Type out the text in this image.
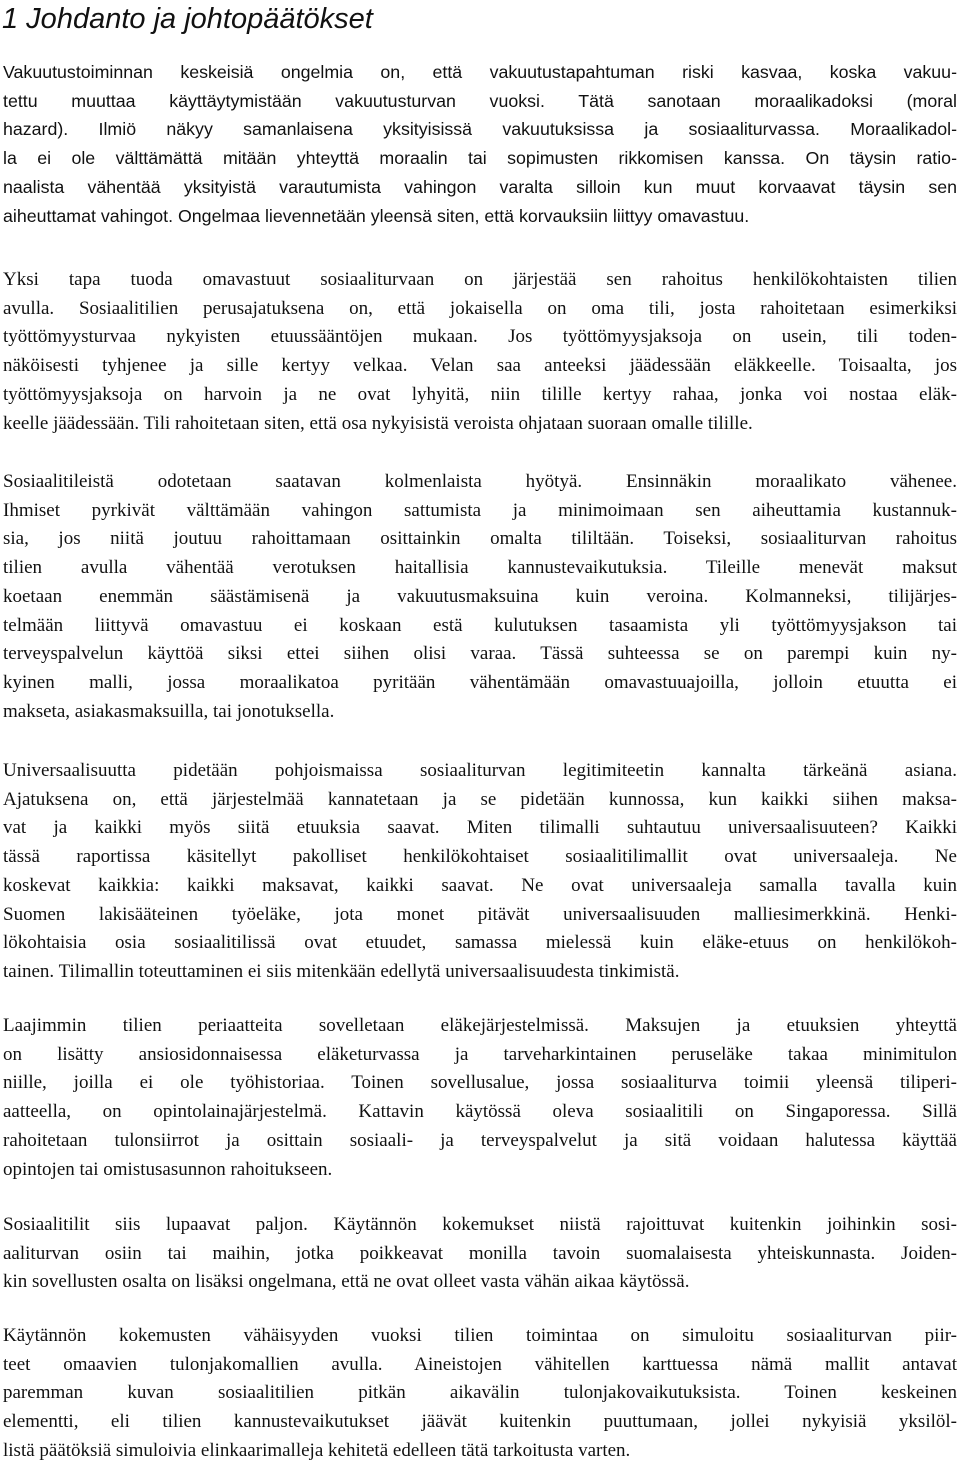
1 Johdanto ja johtopäätökset

Vakuutustoiminnan keskeisiä ongelmia on, että vakuutustapahtuman riski kasvaa, koska vakuu-
tettu muuttaa käyttäytymistään vakuutusturvan vuoksi. Tätä sanotaan moraalikadoksi (moral
hazard). Ilmiö näkyy samanlaisena yksityisissä vakuutuksissa ja sosiaaliturvassa. Moraalikadol-
la ei ole välttämättä mitään yhteyttä moraalin tai sopimusten rikkomisen kanssa. On täysin ratio-
naalista vähentää yksityistä varautumista vahingon varalta silloin kun muut korvaavat täysin sen
aiheuttamat vahingot. Ongelmaa lievennetään yleensä siten, että korvauksiin liittyy omavastuu.

Yksi tapa tuoda omavastuut sosiaaliturvaan on järjestää sen rahoitus henkilökohtaisten tilien
avulla. Sosiaalitilien perusajatuksena on, että jokaisella on oma tili, josta rahoitetaan esimerkiksi
työttömyysturvaa nykyisten etuussääntöjen mukaan. Jos työttömyysjaksoja on usein, tili toden-
näköisesti tyhjenee ja sille kertyy velkaa. Velan saa anteeksi jäädessään eläkkeelle. Toisaalta, jos
työttömyysjaksoja on harvoin ja ne ovat lyhyitä, niin tilille kertyy rahaa, jonka voi nostaa eläk-
keelle jäädessään. Tili rahoitetaan siten, että osa nykyisistä veroista ohjataan suoraan omalle tilille.

Sosiaalitileistä odotetaan saatavan kolmenlaista hyötyä. Ensinnäkin moraalikato vähenee.
Ihmiset pyrkivät välttämään vahingon sattumista ja minimoimaan sen aiheuttamia kustannuk-
sia, jos niitä joutuu rahoittamaan osittainkin omalta tililtään. Toiseksi, sosiaaliturvan rahoitus
tilien avulla vähentää verotuksen haitallisia kannustevaikutuksia. Tileille menevät maksut
koetaan enemmän säästämisenä ja vakuutusmaksuina kuin veroina. Kolmanneksi, tilijärjes-
telmään liittyvä omavastuu ei koskaan estä kulutuksen tasaamista yli työttömyysjakson tai
terveyspalvelun käyttöä siksi ettei siihen olisi varaa. Tässä suhteessa se on parempi kuin ny-
kyinen malli, jossa moraalikatoa pyritään vähentämään omavastuuajoilla, jolloin etuutta ei
makseta, asiakasmaksuilla, tai jonotuksella.

Universaalisuutta pidetään pohjoismaissa sosiaaliturvan legitimiteetin kannalta tärkeänä asiana.
Ajatuksena on, että järjestelmää kannatetaan ja se pidetään kunnossa, kun kaikki siihen maksa-
vat ja kaikki myös siitä etuuksia saavat. Miten tilimalli suhtautuu universaalisuuteen? Kaikki
tässä raportissa käsitellyt pakolliset henkilökohtaiset sosiaalitilimallit ovat universaaleja. Ne
koskevat kaikkia: kaikki maksavat, kaikki saavat. Ne ovat universaaleja samalla tavalla kuin
Suomen lakisääteinen työeläke, jota monet pitävät universaalisuuden malliesimerkkinä. Henki-
lökohtaisia osia sosiaalitilissä ovat etuudet, samassa mielessä kuin eläke-etuus on henkilökoh-
tainen. Tilimallin toteuttaminen ei siis mitenkään edellytä universaalisuudesta tinkimistä.

Laajimmin tilien periaatteita sovelletaan eläkejärjestelmissä. Maksujen ja etuuksien yhteyttä
on lisätty ansiosidonnaisessa eläketurvassa ja tarveharkintainen peruseläke takaa minimitulon
niille, joilla ei ole työhistoriaa. Toinen sovellusalue, jossa sosiaaliturva toimii yleensä tiliperi-
aatteella, on opintolainajärjestelmä. Kattavin käytössä oleva sosiaalitili on Singaporessa. Sillä
rahoitetaan tulonsiirrot ja osittain sosiaali- ja terveyspalvelut ja sitä voidaan halutessa käyttää
opintojen tai omistusasunnon rahoitukseen.

Sosiaalitilit siis lupaavat paljon. Käytännön kokemukset niistä rajoittuvat kuitenkin joihinkin sosi-
aaliturvan osiin tai maihin, jotka poikkeavat monilla tavoin suomalaisesta yhteiskunnasta. Joiden-
kin sovellusten osalta on lisäksi ongelmana, että ne ovat olleet vasta vähän aikaa käytössä.

Käytännön kokemusten vähäisyyden vuoksi tilien toimintaa on simuloitu sosiaaliturvan piir-
teet omaavien tulonjakomallien avulla. Aineistojen vähitellen karttuessa nämä mallit antavat
paremman kuvan sosiaalitilien pitkän aikavälin tulonjakovaikutuksista. Toinen keskeinen
elementti, eli tilien kannustevaikutukset jäävät kuitenkin puuttumaan, jollei nykyisiä yksilöl-
listä päätöksiä simuloivia elinkaarimalleja kehitetä edelleen tätä tarkoitusta varten.
